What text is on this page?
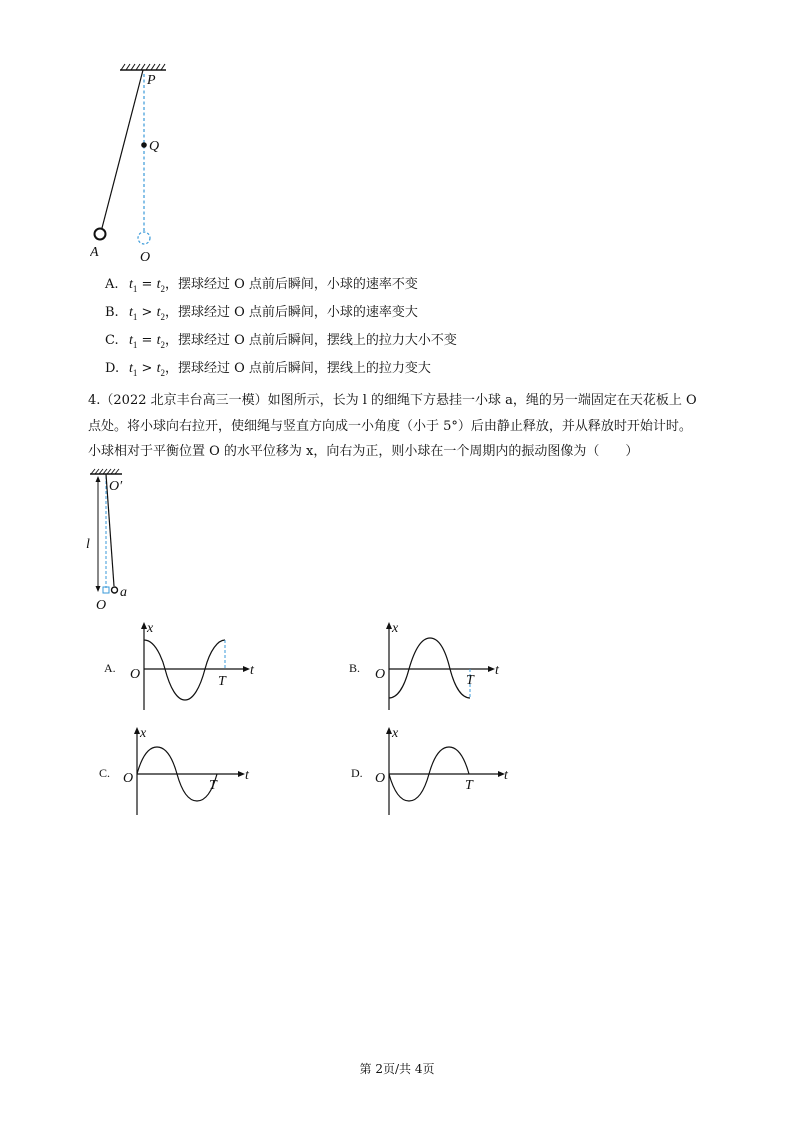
P
Q
A	O
A. $t_1 = t_2$，摆球经过 O 点前后瞬间，小球的速率不变
B. $t_1 > t_2$，摆球经过 O 点前后瞬间，小球的速率变大
C. $t_1 = t_2$，摆球经过 O 点前后瞬间，摆线上的拉力大小不变
D. $t_1 > t_2$，摆球经过 O 点前后瞬间，摆线上的拉力变大
4.（2022 北京丰台高三一模）如图所示，长为 l 的细绳下方悬挂一小球 a，绳的另一端固定在天花板上 O
点处。将小球向右拉开，使细绳与竖直方向成一小角度（小于 5°）后由静止释放，并从释放时开始计时。
小球相对于平衡位置 O 的水平位移为 x，向右为正，则小球在一个周期内的振动图像为（　　）
O′
l
O
a
A.
x
t
O	T
B.
x
t
O	T
C.
x
t
O	T
D.
x
t
O	T
第 2页/共 4页
